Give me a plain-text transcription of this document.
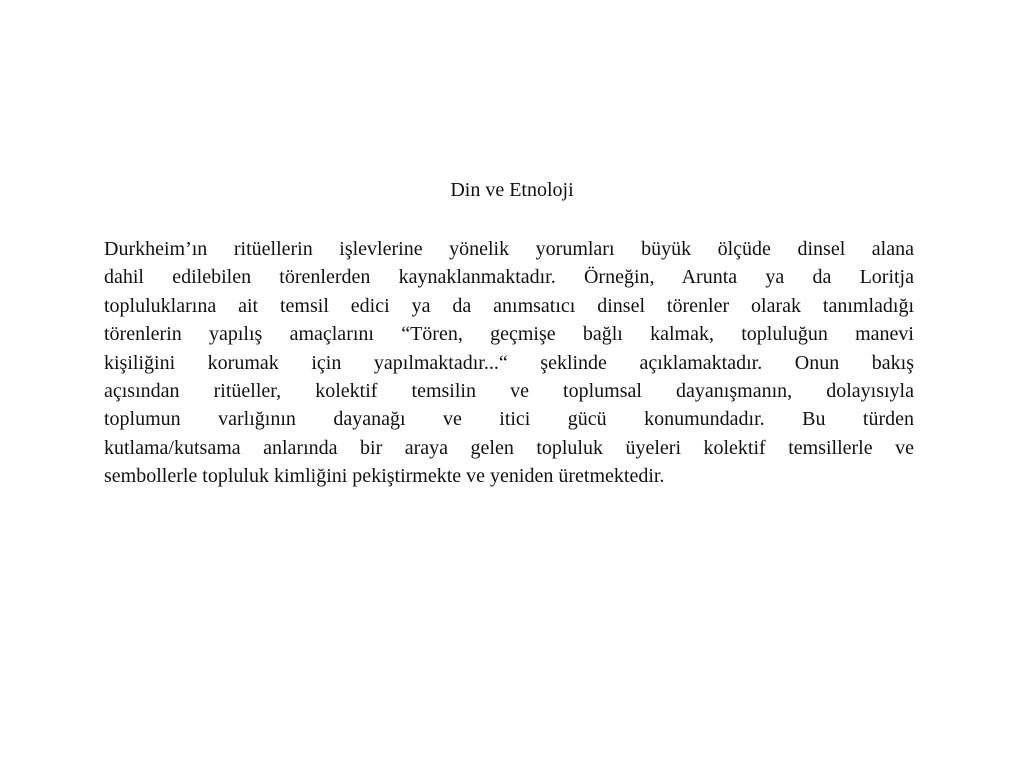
Din ve Etnoloji
Durkheim’ın ritüellerin işlevlerine yönelik yorumları büyük ölçüde dinsel alana
dahil edilebilen törenlerden kaynaklanmaktadır. Örneğin, Arunta ya da Loritja
topluluklarına ait temsil edici ya da anımsatıcı dinsel törenler olarak tanımladığı
törenlerin yapılış amaçlarını “Tören, geçmişe bağlı kalmak, topluluğun manevi
kişiliğini korumak için yapılmaktadır...“ şeklinde açıklamaktadır. Onun bakış
açısından ritüeller, kolektif temsilin ve toplumsal dayanışmanın, dolayısıyla
toplumun varlığının dayanağı ve itici gücü konumundadır. Bu türden
kutlama/kutsama anlarında bir araya gelen topluluk üyeleri kolektif temsillerle ve
sembollerle topluluk kimliğini pekiştirmekte ve yeniden üretmektedir.
